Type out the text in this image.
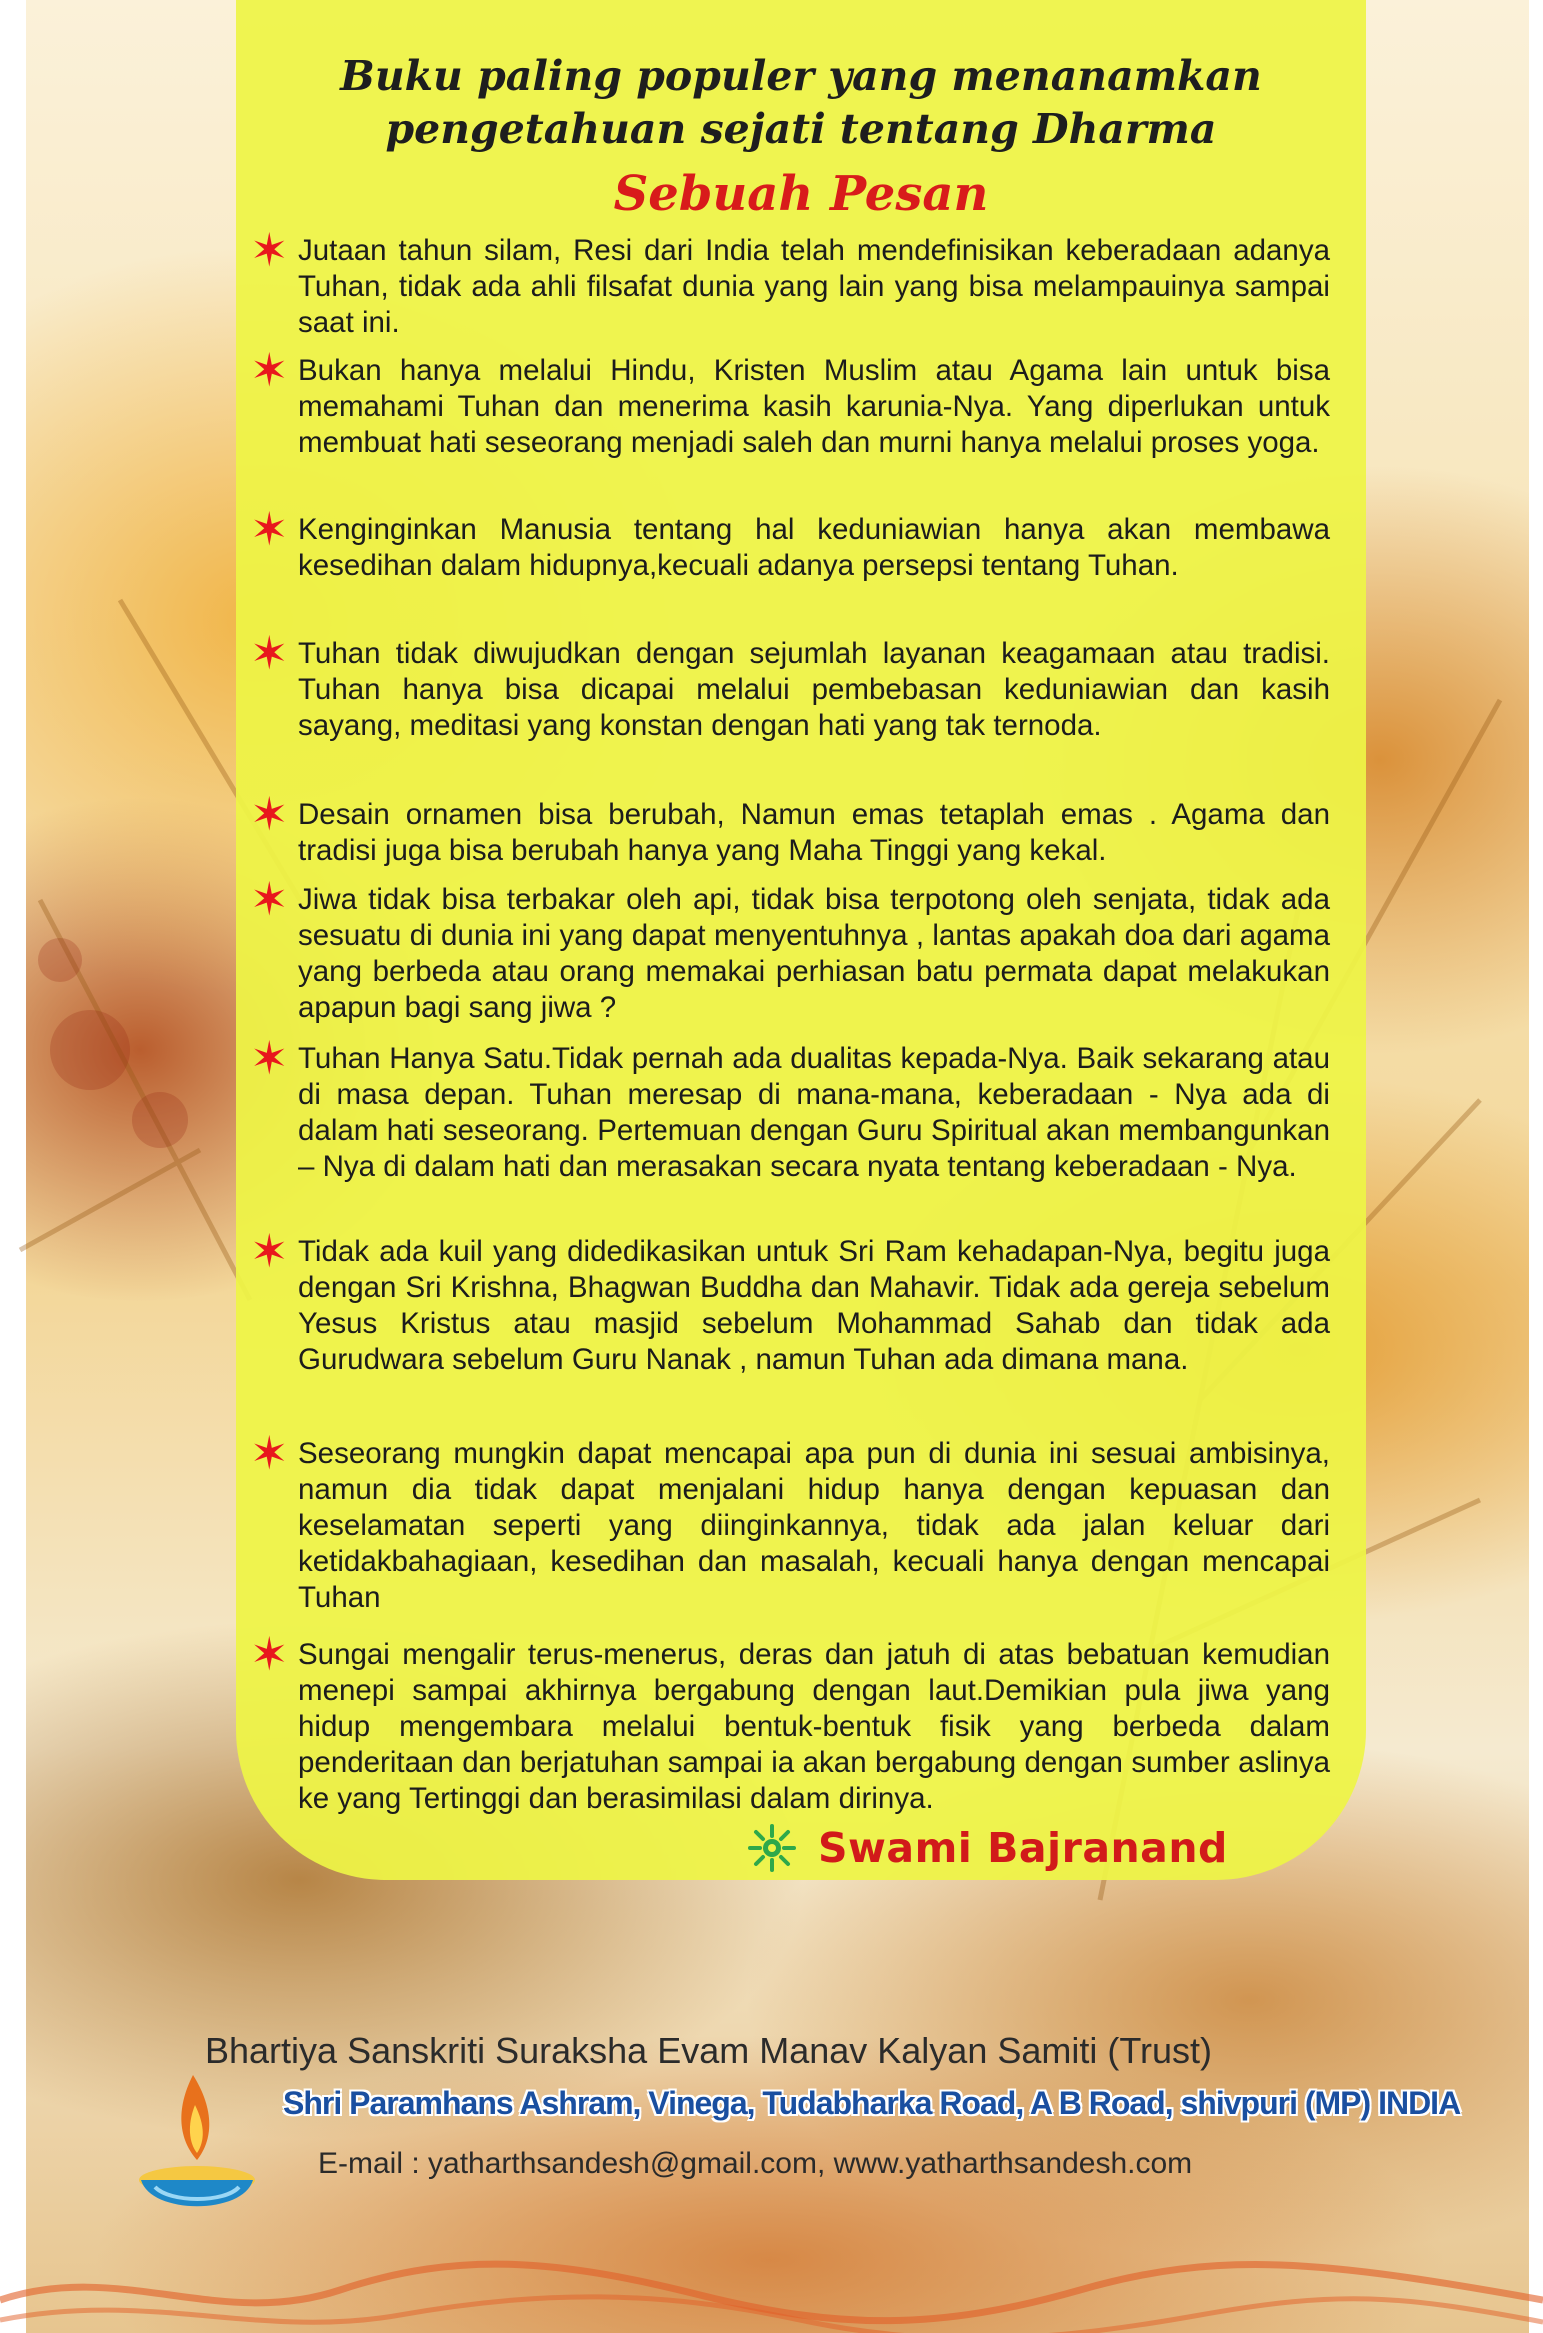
Buku paling populer yang menanamkan

pengetahuan sejati tentang Dharma

Sebuah Pesan

✶ Jutaan tahun silam, Resi dari India telah mendefinisikan keberadaan adanya Tuhan, tidak ada ahli filsafat dunia yang lain yang bisa melampauinya sampai saat ini.

✶ Bukan hanya melalui Hindu, Kristen Muslim atau Agama lain untuk bisa memahami Tuhan dan menerima kasih karunia-Nya. Yang diperlukan untuk membuat hati seseorang menjadi saleh dan murni hanya melalui proses yoga.

✶ Kenginginkan Manusia tentang hal keduniawian hanya akan membawa kesedihan dalam hidupnya,kecuali adanya persepsi tentang Tuhan.

✶ Tuhan tidak diwujudkan dengan sejumlah layanan keagamaan atau tradisi. Tuhan hanya bisa dicapai melalui pembebasan keduniawian dan kasih sayang, meditasi yang konstan dengan hati yang tak ternoda.

✶ Desain ornamen bisa berubah, Namun emas tetaplah emas . Agama dan tradisi juga bisa berubah hanya yang Maha Tinggi yang kekal.

✶ Jiwa tidak bisa terbakar oleh api, tidak bisa terpotong oleh senjata, tidak ada sesuatu di dunia ini yang dapat menyentuhnya , lantas apakah doa dari agama yang berbeda atau orang memakai perhiasan batu permata dapat melakukan apapun bagi sang jiwa ?

✶ Tuhan Hanya Satu.Tidak pernah ada dualitas kepada-Nya. Baik sekarang atau di masa depan. Tuhan meresap di mana-mana, keberadaan - Nya ada di dalam hati seseorang. Pertemuan dengan Guru Spiritual akan membangunkan – Nya di dalam hati dan merasakan secara nyata tentang keberadaan - Nya.

✶ Tidak ada kuil yang didedikasikan untuk Sri Ram kehadapan-Nya, begitu juga dengan Sri Krishna, Bhagwan Buddha dan Mahavir. Tidak ada gereja sebelum Yesus Kristus atau masjid sebelum Mohammad Sahab dan tidak ada Gurudwara sebelum Guru Nanak , namun Tuhan ada dimana mana.

✶ Seseorang mungkin dapat mencapai apa pun di dunia ini sesuai ambisinya, namun dia tidak dapat menjalani hidup hanya dengan kepuasan dan keselamatan seperti yang diinginkannya, tidak ada jalan keluar dari ketidakbahagiaan, kesedihan dan masalah, kecuali hanya dengan mencapai Tuhan

✶ Sungai mengalir terus-menerus, deras dan jatuh di atas bebatuan kemudian menepi sampai akhirnya bergabung dengan laut.Demikian pula jiwa yang hidup mengembara melalui bentuk-bentuk fisik yang berbeda dalam penderitaan dan berjatuhan sampai ia akan bergabung dengan sumber aslinya ke yang Tertinggi dan berasimilasi dalam dirinya.

Swami Bajranand

Bhartiya Sanskriti Suraksha Evam Manav Kalyan Samiti (Trust)

Shri Paramhans Ashram, Vinega, Tudabharka Road, A B Road, shivpuri (MP) INDIA

E-mail : yatharthsandesh@gmail.com, www.yatharthsandesh.com
